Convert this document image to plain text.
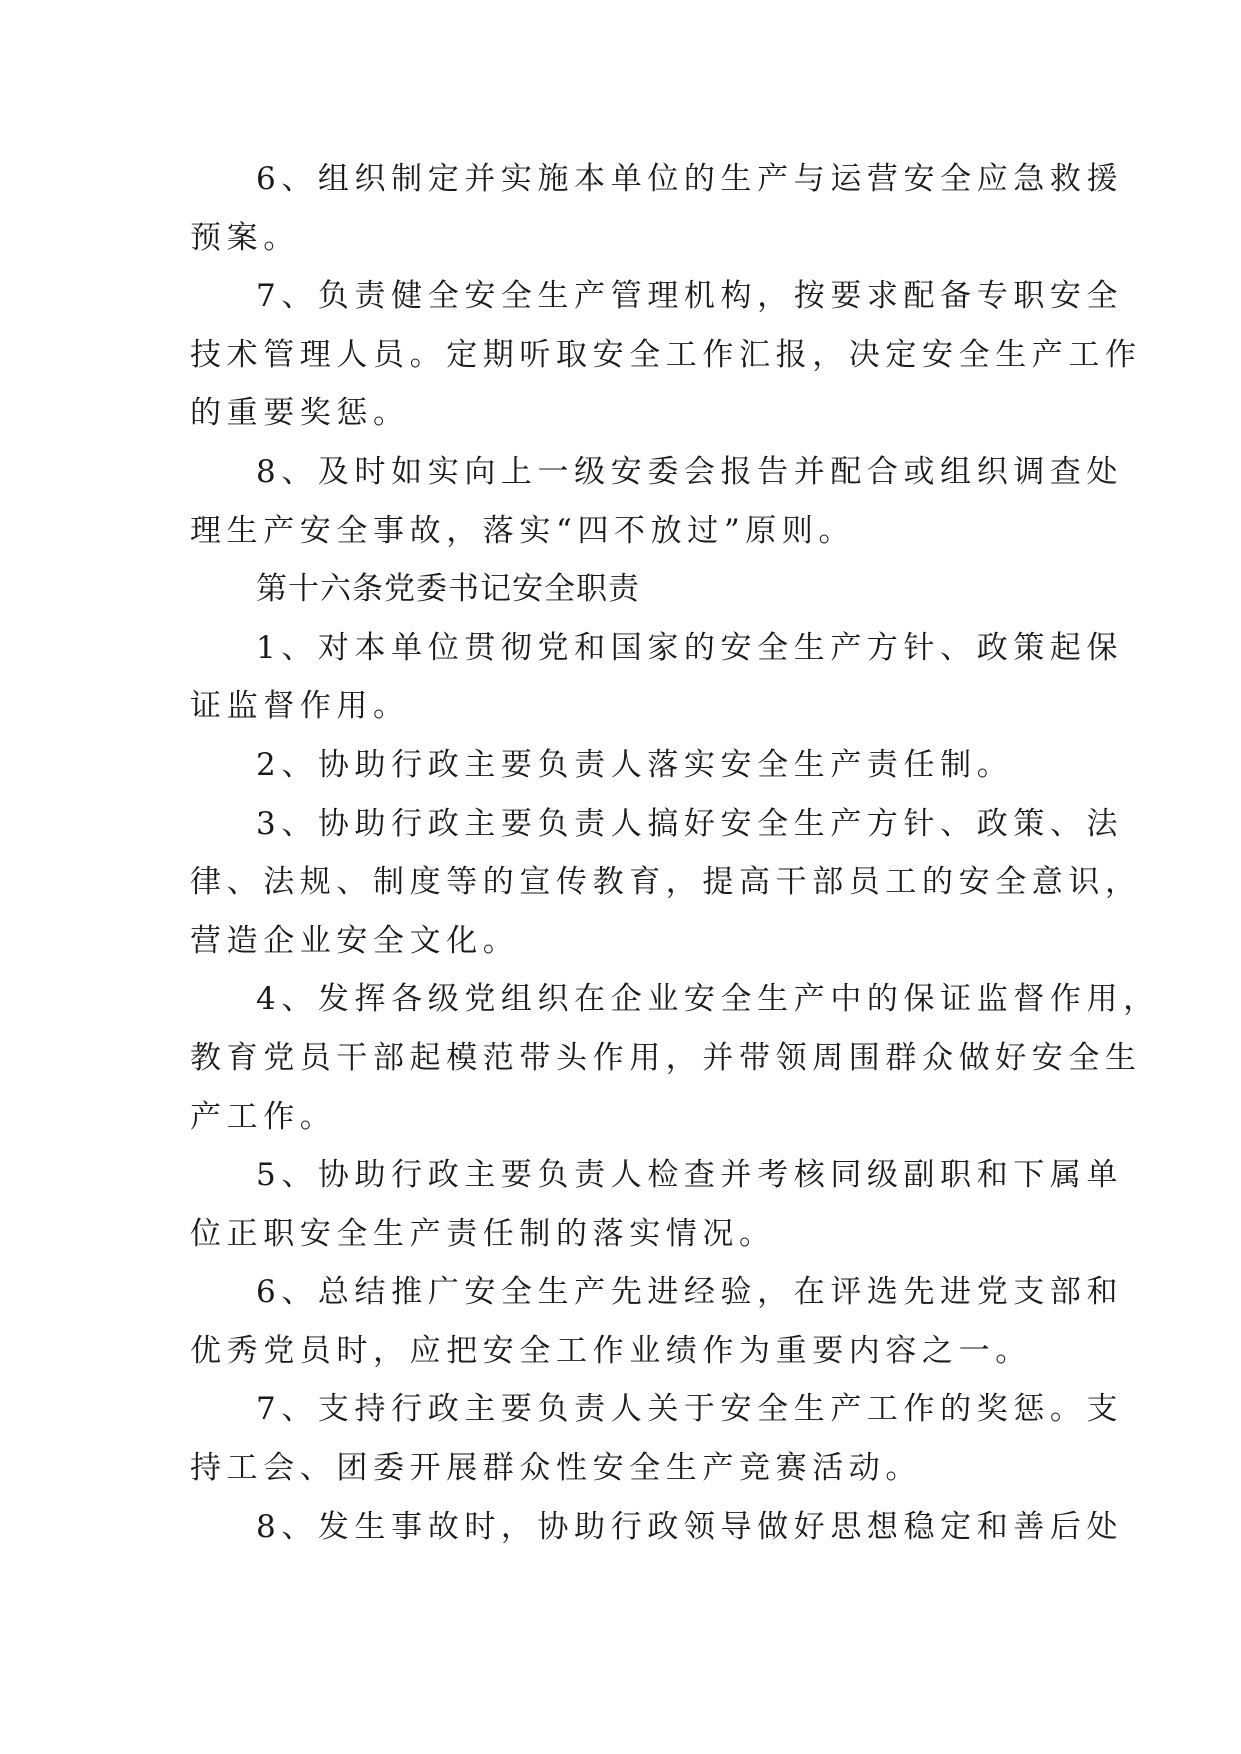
6、组织制定并实施本单位的生产与运营安全应急救援
预案。
7、负责健全安全生产管理机构，按要求配备专职安全
技术管理人员。定期听取安全工作汇报，决定安全生产工作
的重要奖惩。
8、及时如实向上一级安委会报告并配合或组织调查处
理生产安全事故，落实“四不放过”原则。
第十六条党委书记安全职责
1、对本单位贯彻党和国家的安全生产方针、政策起保
证监督作用。
2、协助行政主要负责人落实安全生产责任制。
3、协助行政主要负责人搞好安全生产方针、政策、法
律、法规、制度等的宣传教育，提高干部员工的安全意识，
营造企业安全文化。
4、发挥各级党组织在企业安全生产中的保证监督作用，
教育党员干部起模范带头作用，并带领周围群众做好安全生
产工作。
5、协助行政主要负责人检查并考核同级副职和下属单
位正职安全生产责任制的落实情况。
6、总结推广安全生产先进经验，在评选先进党支部和
优秀党员时，应把安全工作业绩作为重要内容之一。
7、支持行政主要负责人关于安全生产工作的奖惩。支
持工会、团委开展群众性安全生产竞赛活动。
8、发生事故时，协助行政领导做好思想稳定和善后处
